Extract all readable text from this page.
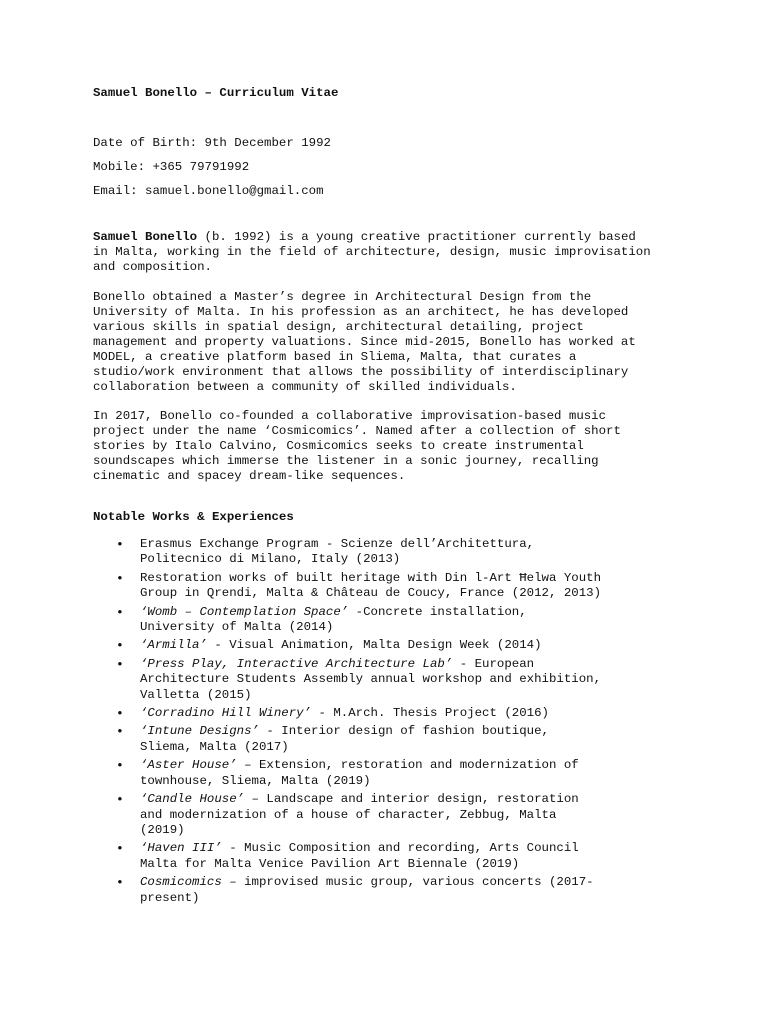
Samuel Bonello – Curriculum Vitae
Date of Birth: 9th December 1992
Mobile: +365 79791992
Email: samuel.bonello@gmail.com

Samuel Bonello (b. 1992) is a young creative practitioner currently based
in Malta, working in the field of architecture, design, music improvisation
and composition.

Bonello obtained a Master’s degree in Architectural Design from the
University of Malta. In his profession as an architect, he has developed
various skills in spatial design, architectural detailing, project
management and property valuations. Since mid-2015, Bonello has worked at
MODEL, a creative platform based in Sliema, Malta, that curates a
studio/work environment that allows the possibility of interdisciplinary
collaboration between a community of skilled individuals.

In 2017, Bonello co-founded a collaborative improvisation-based music
project under the name ‘Cosmicomics’. Named after a collection of short
stories by Italo Calvino, Cosmicomics seeks to create instrumental
soundscapes which immerse the listener in a sonic journey, recalling
cinematic and spacey dream-like sequences.

Notable Works & Experiences
• Erasmus Exchange Program - Scienze dell’Architettura,
Politecnico di Milano, Italy (2013)
• Restoration works of built heritage with Din l-Art Ħelwa Youth
Group in Qrendi, Malta & Château de Coucy, France (2012, 2013)
• ‘Womb – Contemplation Space’ -Concrete installation,
University of Malta (2014)
• ‘Armilla’ - Visual Animation, Malta Design Week (2014)
• ‘Press Play, Interactive Architecture Lab’ - European
Architecture Students Assembly annual workshop and exhibition,
Valletta (2015)
• ‘Corradino Hill Winery’ - M.Arch. Thesis Project (2016)
• ‘Intune Designs’ - Interior design of fashion boutique,
Sliema, Malta (2017)
• ‘Aster House’ – Extension, restoration and modernization of
townhouse, Sliema, Malta (2019)
• ‘Candle House’ – Landscape and interior design, restoration
and modernization of a house of character, Zebbug, Malta
(2019)
• ‘Haven III’ - Music Composition and recording, Arts Council
Malta for Malta Venice Pavilion Art Biennale (2019)
• Cosmicomics – improvised music group, various concerts (2017-
present)
